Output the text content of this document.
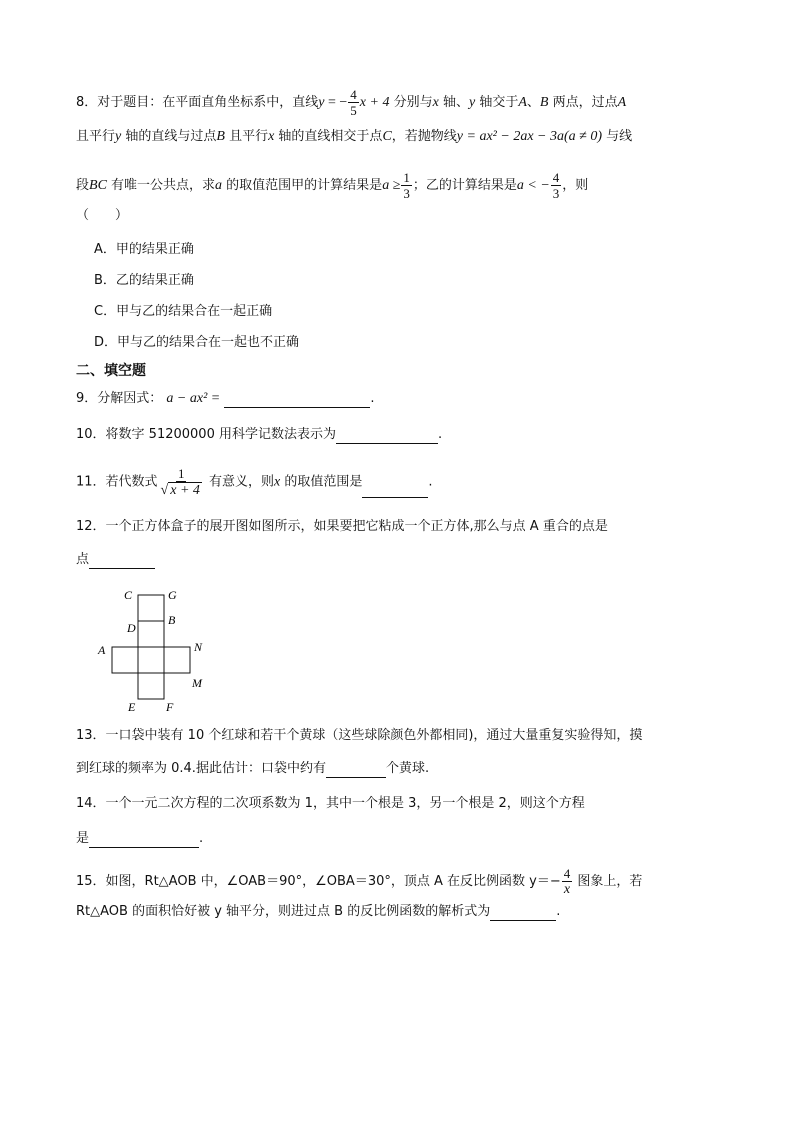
8．对于题目：在平面直角坐标系中，直线y = − $\frac{4}{5}$ x + 4 分别与x 轴、y 轴交于A、B 两点，过点A
且平行y 轴的直线与过点B 且平行x 轴的直线相交于点C，若抛物线y = ax² − 2ax − 3a(a ≠ 0) 与线
段BC 有唯一公共点，求a 的取值范围甲的计算结果是$a \ge \frac{1}{3}$ ；乙的计算结果是a < − $\frac{4}{3}$ ，则
（　　）
A．甲的结果正确
B．乙的结果正确
C．甲与乙的结果合在一起正确
D．甲与乙的结果合在一起也不正确
二、填空题
9．分解因式： a − ax² =	.
10．将数字 51200000 用科学记数法表示为	.
11．若代数式 $\frac{1}{√ x + 4}$ 有意义，则x 的取值范围是	.
12．一个正方体盒子的展开图如图所示，如果要把它粘成一个正方体,那么与点 A 重合的点是
点
C	G
D
B
A	N
M
E	F
13．一口袋中装有 10 个红球和若干个黄球（这些球除颜色外都相同)，通过大量重复实验得知，摸
到红球的频率为 0.4.据此估计：口袋中约有	个黄球.
14．一个一元二次方程的二次项系数为 1，其中一个根是 3，另一个根是 2，则这个方程
是	.
15．如图，Rt△AOB 中，∠OAB＝90°，∠OBA＝30°，顶点 A 在反比例函数 $y=- \frac{4}{x}$ 图象上，若
Rt△AOB 的面积恰好被 y 轴平分，则进过点 B 的反比例函数的解析式为	.
